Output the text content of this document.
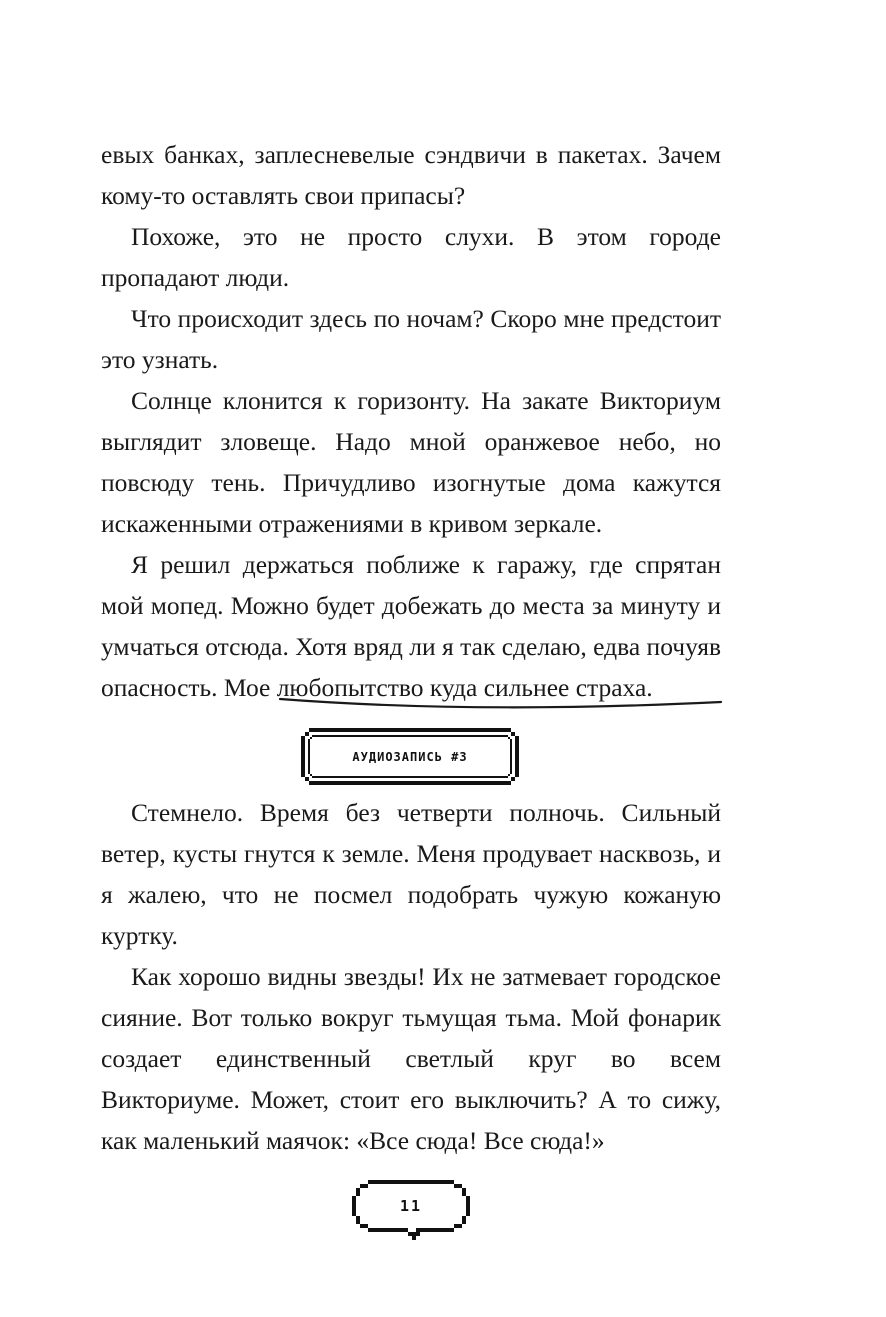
евых банках, заплесневелые сэндвичи в пакетах. Зачем кому-то оставлять свои припасы?

Похоже, это не просто слухи. В этом городе пропадают люди.

Что происходит здесь по ночам? Скоро мне предстоит это узнать.

Солнце клонится к горизонту. На закате Викториум выглядит зловеще. Надо мной оранжевое небо, но повсюду тень. Причудливо изогнутые дома кажутся искаженными отражениями в кривом зеркале.

Я решил держаться поближе к гаражу, где спрятан мой мопед. Можно будет добежать до места за минуту и умчаться отсюда. Хотя вряд ли я так сделаю, едва почуяв опасность. Мое любопытство куда сильнее страха.

АУДИОЗАПИСЬ #3

Стемнело. Время без четверти полночь. Сильный ветер, кусты гнутся к земле. Меня продувает насквозь, и я жалею, что не посмел подобрать чужую кожаную куртку.

Как хорошо видны звезды! Их не затмевает городское сияние. Вот только вокруг тьмущая тьма. Мой фонарик создает единственный светлый круг во всем Викториуме. Может, стоит его выключить? А то сижу, как маленький маячок: «Все сюда! Все сюда!»

11
